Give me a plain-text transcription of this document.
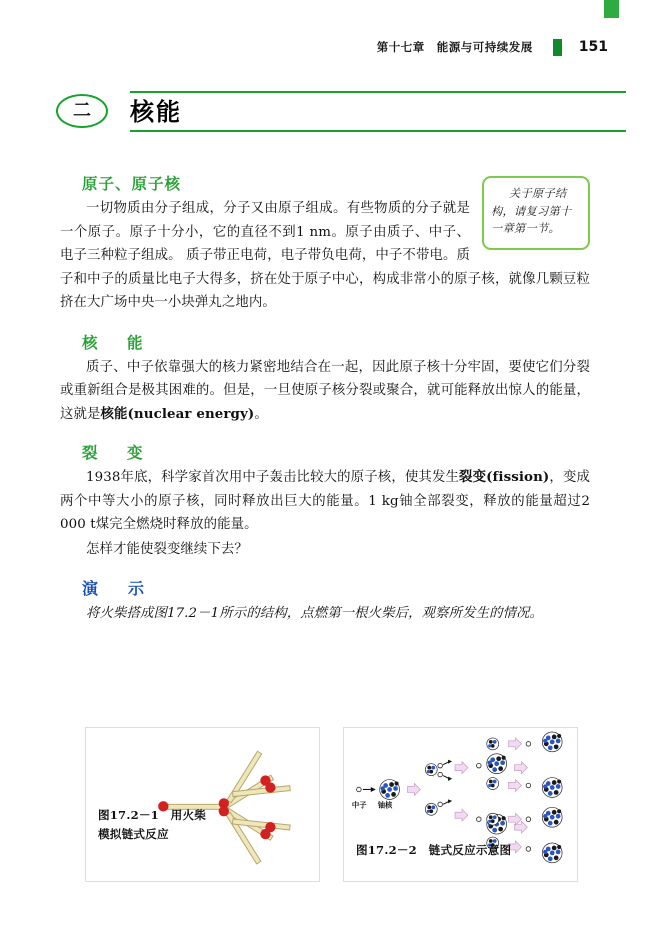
第十七章　能源与可持续发展	151
二 核能
关于原子结构，请复习第十一章第一节。
原子、原子核

一切物质由分子组成，分子又由原子组成。有些物质的分子就是一个原子。原子十分小，它的直径不到1 nm。原子由质子、中子、电子三种粒子组成。 质子带正电荷，电子带负电荷，中子不带电。质子和中子的质量比电子大得多，挤在处于原子中心，构成非常小的原子核，就像几颗豆粒挤在大广场中央一小块弹丸之地内。

核　能

质子、中子依靠强大的核力紧密地结合在一起，因此原子核十分牢固，要使它们分裂或重新组合是极其困难的。但是，一旦使原子核分裂或聚合，就可能释放出惊人的能量，这就是核能(nuclear energy)。

裂　变

1938年底，科学家首次用中子轰击比较大的原子核，使其发生裂变(fission)，变成两个中等大小的原子核，同时释放出巨大的能量。1 kg铀全部裂变，释放的能量超过2 000 t煤完全燃烧时释放的能量。

怎样才能使裂变继续下去？

演　示

将火柴搭成图17.2－1所示的结构，点燃第一根火柴后，观察所发生的情况。

图17.2－1　用火柴模拟链式反应
中子 铀核
图17.2－2　链式反应示意图
